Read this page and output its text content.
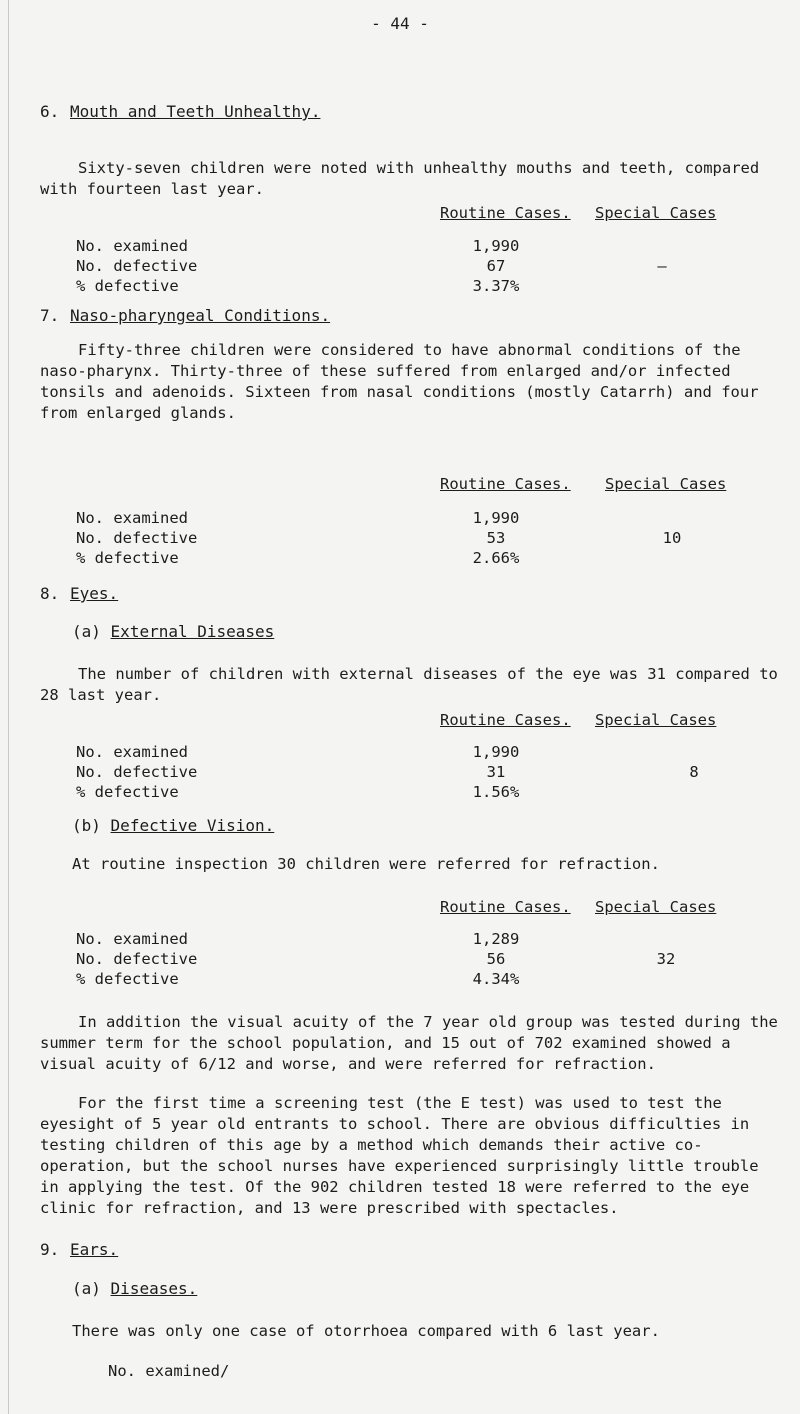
- 44 -
6. Mouth and Teeth Unhealthy.

Sixty-seven children were noted with unhealthy mouths and teeth, compared with fourteen last year.

Routine Cases. Special Cases
No. examined	1,990
No. defective	67	–
% defective	3.37%
7. Naso-pharyngeal Conditions.

Fifty-three children were considered to have abnormal conditions of the naso-pharynx. Thirty-three of these suffered from enlarged and/or infected tonsils and adenoids. Sixteen from nasal conditions (mostly Catarrh) and four from enlarged glands.

Routine Cases. Special Cases
No. examined	1,990
No. defective	53	10
% defective	2.66%
8. Eyes.
(a) External Diseases

The number of children with external diseases of the eye was 31 compared to 28 last year.

Routine Cases. Special Cases
No. examined	1,990
No. defective	31	8
% defective	1.56%
(b) Defective Vision.

At routine inspection 30 children were referred for refraction.

Routine Cases. Special Cases
No. examined	1,289
No. defective	56	32
% defective	4.34%

In addition the visual acuity of the 7 year old group was tested during the summer term for the school population, and 15 out of 702 examined showed a visual acuity of 6/12 and worse, and were referred for refraction.

For the first time a screening test (the E test) was used to test the eyesight of 5 year old entrants to school. There are obvious difficulties in testing children of this age by a method which demands their active co-operation, but the school nurses have experienced surprisingly little trouble in applying the test. Of the 902 children tested 18 were referred to the eye clinic for refraction, and 13 were prescribed with spectacles.

9. Ears.
(a) Diseases.

There was only one case of otorrhoea compared with 6 last year.

No. examined/
